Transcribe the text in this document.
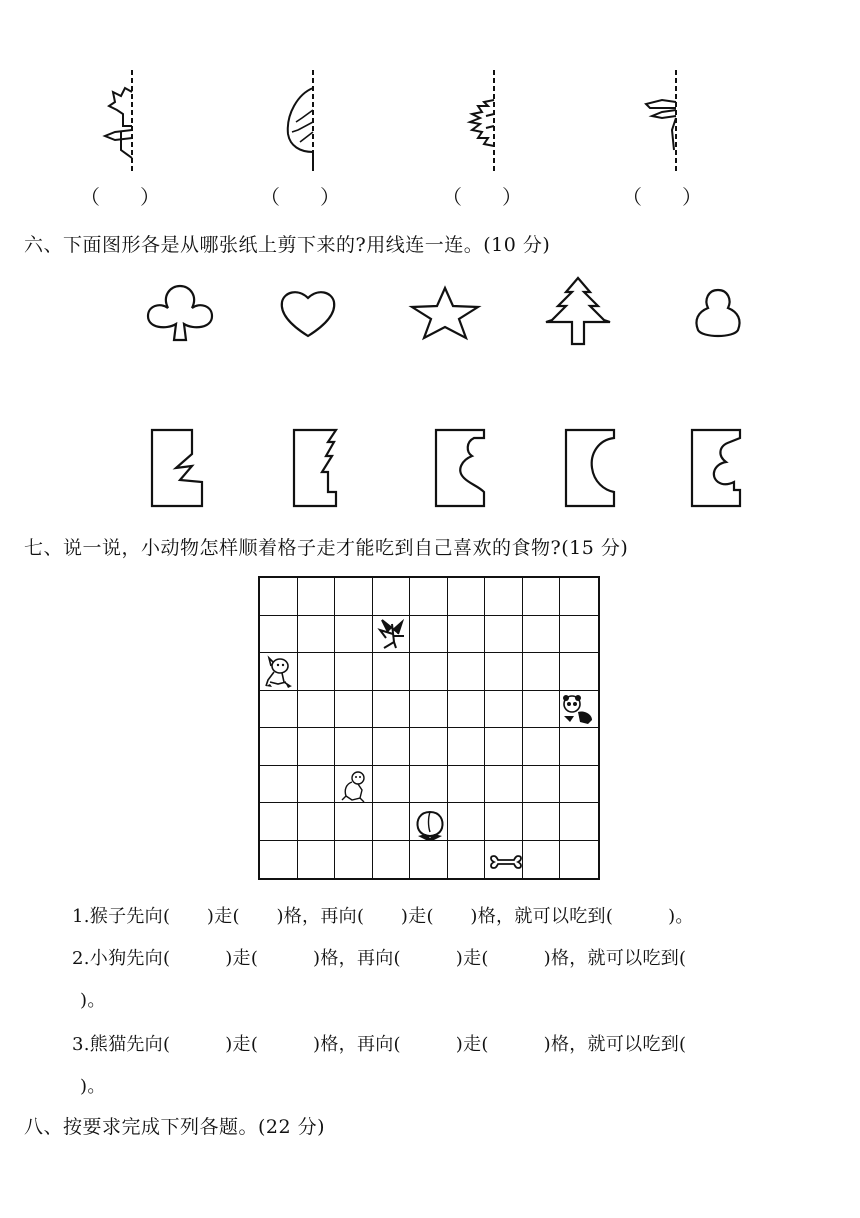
（　　）	（　　）	（　　）	（　　）
六、下面图形各是从哪张纸上剪下来的?用线连一连。(10 分)
七、说一说，小动物怎样顺着格子走才能吃到自己喜欢的食物?(15 分)
1.猴子先向(　　)走(　　)格，再向(　　)走(　　)格，就可以吃到(　　　)。
2.小狗先向(　　　)走(　　　)格，再向(　　　)走(　　　)格，就可以吃到(
)。
3.熊猫先向(　　　)走(　　　)格，再向(　　　)走(　　　)格，就可以吃到(
)。
八、按要求完成下列各题。(22 分)
